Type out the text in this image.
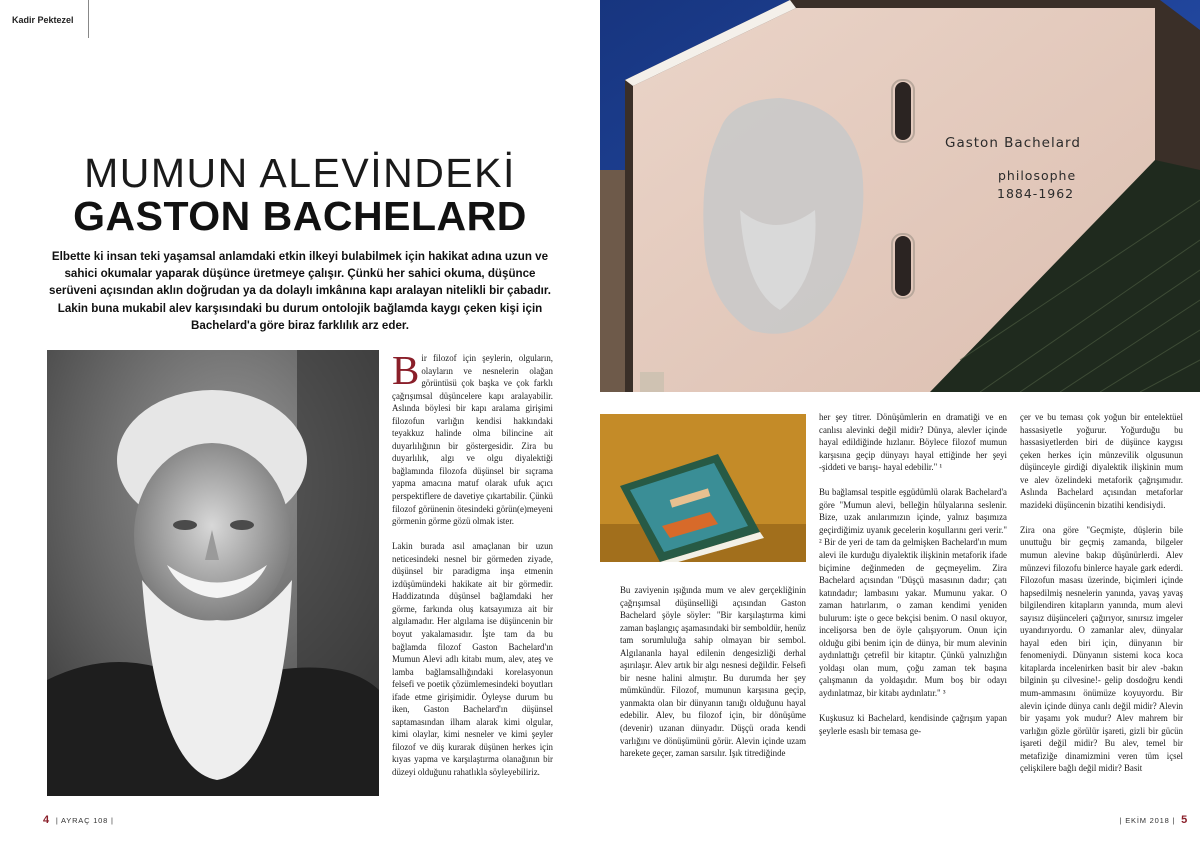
Kadir Pektezel
MUMUN ALEVİNDEKİ
GASTON BACHELARD

Elbette ki insan teki yaşamsal anlamdaki etkin ilkeyi bulabilmek için hakikat adına uzun ve sahici okumalar yaparak düşünce üretmeye çalışır. Çünkü her sahici okuma, düşünce serüveni açısından aklın doğrudan ya da dolaylı imkânına kapı aralayan nitelikli bir çabadır. Lakin buna mukabil alev karşısındaki bu durum ontolojik bağlamda kaygı çeken kişi için Bachelard'a göre biraz farklılık arz eder.

Bir filozof için şeylerin, olguların, olayların ve nesnelerin olağan görüntüsü çok başka ve çok farklı çağrışımsal düşüncelere kapı aralayabilir. Aslında böylesi bir kapı aralama girişimi filozofun varlığın kendisi hakkındaki teyakkuz halinde olma bilincine ait duyarlılığının bir göstergesidir. Zira bu duyarlılık, algı ve olgu diyalektiği bağlamında filozofa düşünsel bir sıçrama yapma amacına matuf olarak ufuk açıcı perspektiflere de davetiye çıkartabilir. Çünkü filozof görünenin ötesindeki görün(e)meyeni görmenin görme gözü olmak ister.

Lakin burada asıl amaçlanan bir uzun neticesindeki nesnel bir görmeden ziyade, düşünsel bir paradigma inşa etmenin izdüşümündeki hakikate ait bir görmedir. Haddizatında düşünsel bağlamdaki her görme, farkında oluş katsayımıza ait bir algılamadır. Her algılama ise düşüncenin bir boyut yakalamasıdır. İşte tam da bu bağlamda filozof Gaston Bachelard'ın Mumun Alevi adlı kitabı mum, alev, ateş ve lamba bağlamsallığındaki korelasyonun felsefi ve poetik çözümlemesindeki boyutları ifade etme girişimidir. Öyleyse durum bu iken, Gaston Bachelard'ın düşünsel saptamasından ilham alarak kimi olgular, kimi olaylar, kimi nesneler ve kimi şeyler filozof ve düş kurarak düşünen herkes için kıyas yapma ve karşılaştırma olanağının bir düzeyi olduğunu rahatlıkla söyleyebiliriz.

4 | AYRAÇ 108 |
Gaston Bachelard
philosophe
1884-1962

Bu zaviyenin ışığında mum ve alev gerçekliğinin çağrışımsal düşünselliği açısından Gaston Bachelard şöyle söyler: "Bir karşılaştırma kimi zaman başlangıç aşamasındaki bir semboldür, henüz tam sorumluluğa sahip olmayan bir sembol. Algılananla hayal edilenin dengesizliği derhal aşırılaşır. Alev artık bir algı nesnesi değildir. Felsefi bir nesne halini almıştır. Bu durumda her şey mümkündür. Filozof, mumunun karşısına geçip, yanmakta olan bir dünyanın tanığı olduğunu hayal edebilir. Alev, bu filozof için, bir dönüşüme (devenir) uzanan dünyadır. Düşçü orada kendi varlığını ve dönüşümünü görür. Alevin içinde uzam harekete geçer, zaman sarsılır. Işık titrediğinde

her şey titrer. Dönüşümlerin en dramatiği ve en canlısı alevinki değil midir? Dünya, alevler içinde hayal edildiğinde hızlanır. Böylece filozof mumun karşısına geçip dünyayı hayal ettiğinde her şeyi -şiddeti ve barışı- hayal edebilir." ¹

Bu bağlamsal tespitle eşgüdümlü olarak Bachelard'a göre "Mumun alevi, belleğin hülyalarına seslenir. Bize, uzak anılarımızın içinde, yalnız başımıza geçirdiğimiz uyanık gecelerin koşullarını geri verir." ² Bir de yeri de tam da gelmişken Bachelard'ın mum alevi ile kurduğu diyalektik ilişkinin metaforik ifade biçimine değinmeden de geçmeyelim. Zira Bachelard açısından "Düşçü masasının dadır; çatı katındadır; lambasını yakar. Mumunu yakar. O zaman hatırlarım, o zaman kendimi yeniden bulurum: işte o gece bekçisi benim. O nasıl okuyor, incelişorsa ben de öyle çalışıyorum. Onun için olduğu gibi benim için de dünya, bir mum alevinin aydınlattığı çetrefil bir kitaptır. Çünkü yalnızlığın yoldaşı olan mum, çoğu zaman tek başına çalışmanın da yoldaşıdır. Mum boş bir odayı aydınlatmaz, bir kitabı aydınlatır." ³

Kuşkusuz ki Bachelard, kendisinde çağrışım yapan şeylerle esaslı bir temasa ge-

çer ve bu teması çok yoğun bir entelektüel hassasiyetle yoğurur. Yoğurduğu bu hassasiyetlerden biri de düşünce kaygısı çeken herkes için münzevilik olgusunun düşünceyle girdiği diyalektik ilişkinin mum ve alev özelindeki metaforik çağrışımıdır. Aslında Bachelard açısından metaforlar mazideki düşüncenin bizatihi kendisiydi.

Zira ona göre "Geçmişte, düşlerin bile unuttuğu bir geçmiş zamanda, bilgeler mumun alevine bakıp düşünürlerdi. Alev münzevi filozofu binlerce hayale gark ederdi. Filozofun masası üzerinde, biçimleri içinde hapsedilmiş nesnelerin yanında, yavaş yavaş bilgilendiren kitapların yanında, mum alevi sayısız düşünceleri çağırıyor, sınırsız imgeler uyandırıyordu. O zamanlar alev, dünyalar hayal eden biri için, dünyanın bir fenomeniydi. Dünyanın sistemi koca koca kitaplarda incelenirken basit bir alev -bakın bilginin şu cilvesine!- gelip dosdoğru kendi mum-ammasını önümüze koyuyordu. Bir alevin içinde dünya canlı değil midir? Alevin bir yaşamı yok mudur? Alev mahrem bir varlığın gözle görülür işareti, gizli bir gücün işareti değil midir? Bu alev, temel bir metafiziğe dinamizmini veren tüm içsel çelişkilere bağlı değil midir? Basit

| EKİM 2018 | 5
